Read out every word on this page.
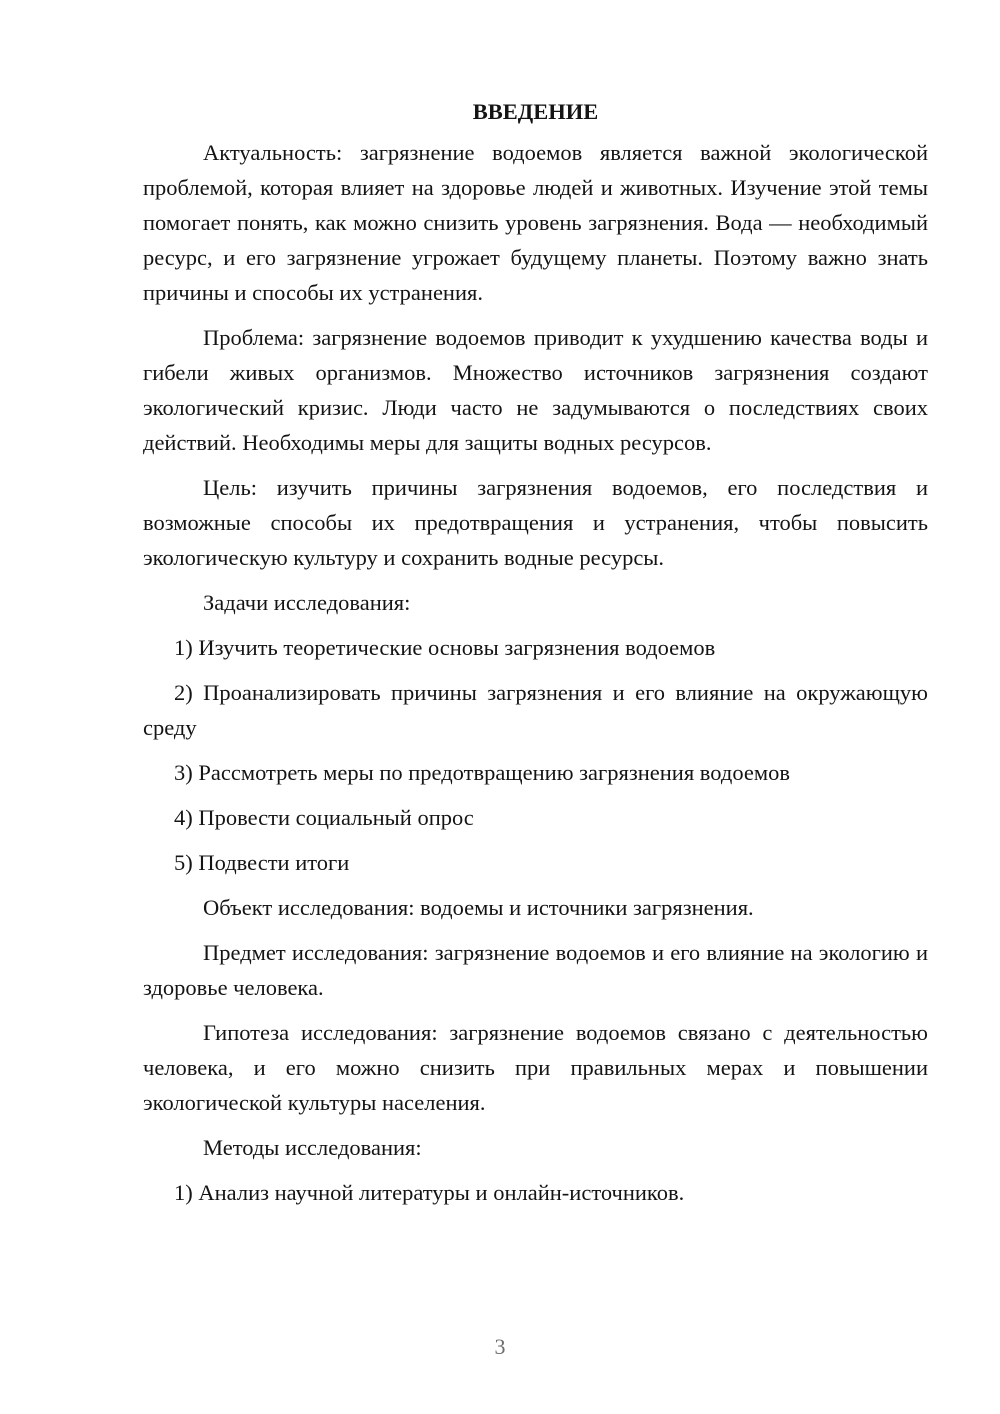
ВВЕДЕНИЕ

Актуальность: загрязнение водоемов является важной экологической проблемой, которая влияет на здоровье людей и животных. Изучение этой темы помогает понять, как можно снизить уровень загрязнения. Вода — необходимый ресурс, и его загрязнение угрожает будущему планеты. Поэтому важно знать причины и способы их устранения.

Проблема: загрязнение водоемов приводит к ухудшению качества воды и гибели живых организмов. Множество источников загрязнения создают экологический кризис. Люди часто не задумываются о последствиях своих действий. Необходимы меры для защиты водных ресурсов.

Цель: изучить причины загрязнения водоемов, его последствия и возможные способы их предотвращения и устранения, чтобы повысить экологическую культуру и сохранить водные ресурсы.

Задачи исследования:

1) Изучить теоретические основы загрязнения водоемов

2) Проанализировать причины загрязнения и его влияние на окружающую среду

3) Рассмотреть меры по предотвращению загрязнения водоемов

4) Провести социальный опрос

5) Подвести итоги

Объект исследования: водоемы и источники загрязнения.

Предмет исследования: загрязнение водоемов и его влияние на экологию и здоровье человека.

Гипотеза исследования: загрязнение водоемов связано с деятельностью человека, и его можно снизить при правильных мерах и повышении экологической культуры населения.

Методы исследования:

1) Анализ научной литературы и онлайн-источников.

3
